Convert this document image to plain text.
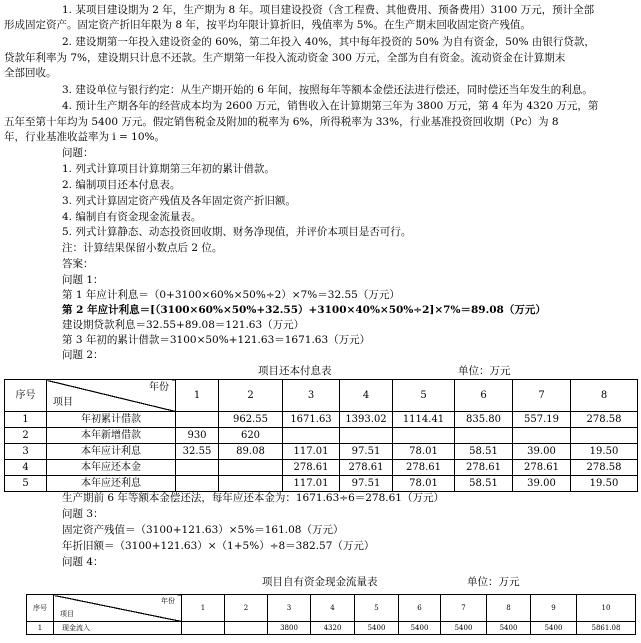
1. 某项目建设期为 2 年，生产期为 8 年。项目建设投资（含工程费、其他费用、预备费用）3100 万元，预计全部
形成固定资产。固定资产折旧年限为 8 年，按平均年限计算折旧，残值率为 5%。在生产期末回收固定资产残值。
2. 建设期第一年投入建设资金的 60%，第二年投入 40%，其中每年投资的 50% 为自有资金，50% 由银行贷款，
贷款年利率为 7%，建设期只计息不还款。生产期第一年投入流动资金 300 万元，全部为自有资金。流动资金在计算期末
全部回收。
3. 建设单位与银行约定：从生产期开始的 6 年间，按照每年等额本金偿还法进行偿还，同时偿还当年发生的利息。
4. 预计生产期各年的经营成本均为 2600 万元，销售收入在计算期第三年为 3800 万元，第 4 年为 4320 万元，第
五年至第十年均为 5400 万元。假定销售税金及附加的税率为 6%，所得税率为 33%，行业基准投资回收期（Pc）为 8
年，行业基准收益率为 i = 10%。
问题：
1. 列式计算项目计算期第三年初的累计借款。
2. 编制项目还本付息表。
3. 列式计算固定资产残值及各年固定资产折旧额。
4. 编制自有资金现金流量表。
5. 列式计算静态、动态投资回收期、财务净现值，并评价本项目是否可行。
注：计算结果保留小数点后 2 位。
答案：
问题 1：
第 1 年应计利息＝（0+3100×60%×50%÷2）×7%＝32.55（万元）
第 2 年应计利息＝[（3100×60%×50%+32.55）+3100×40%×50%÷2]×7%＝89.08（万元）
建设期贷款利息＝32.55+89.08＝121.63（万元）
第 3 年初的累计借款＝3100×50%+121.63＝1671.63（万元）
问题 2：
项目还本付息表	单位：万元
序号	年份
项目	1	2	3	4	5	6	7	8
1	年初累计借款		962.55	1671.63	1393.02	1114.41	835.80	557.19	278.58
2	本年新增借款	930	620						
3	本年应计利息	32.55	89.08	117.01	97.51	78.01	58.51	39.00	19.50
4	本年应还本金			278.61	278.61	278.61	278.61	278.61	278.58
5	本年应还利息			117.01	97.51	78.01	58.51	39.00	19.50
生产期前 6 年等额本金偿还法，每年应还本金为：1671.63÷6＝278.61（万元）
问题 3：
固定资产残值＝（3100+121.63）×5%＝161.08（万元）
年折旧额＝（3100+121.63）×（1+5%）÷8＝382.57（万元）
问题 4：
项目自有资金现金流量表	单位：万元
序号	年份
项目	1	2	3	4	5	6	7	8	9	10
1	现金流入			3800	4320	5400	5400	5400	5400	5400	5861.08
